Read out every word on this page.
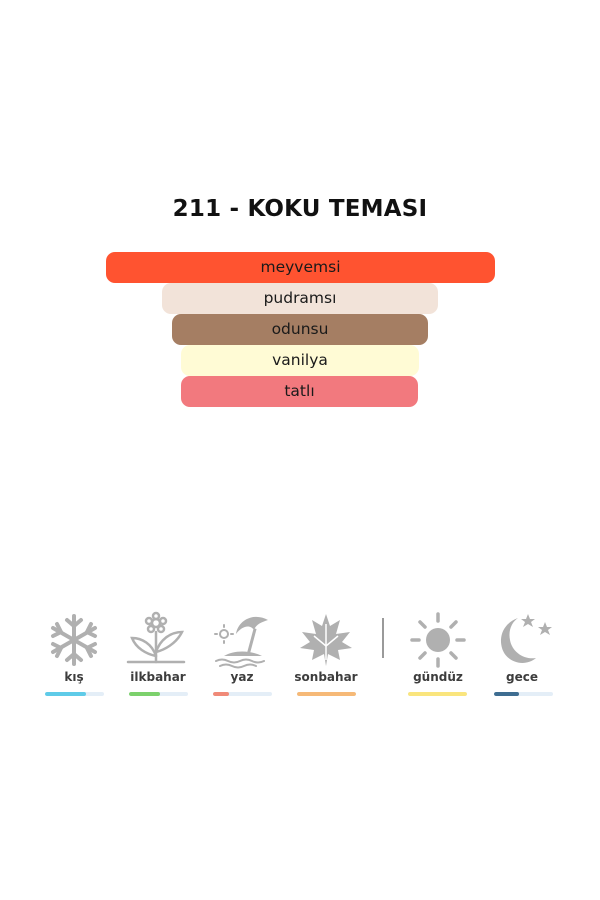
211 - KOKU TEMASI
meyvemsi
pudramsı
odunsu
vanilya
tatlı
kış	ilkbahar	yaz	sonbahar	gündüz	gece
